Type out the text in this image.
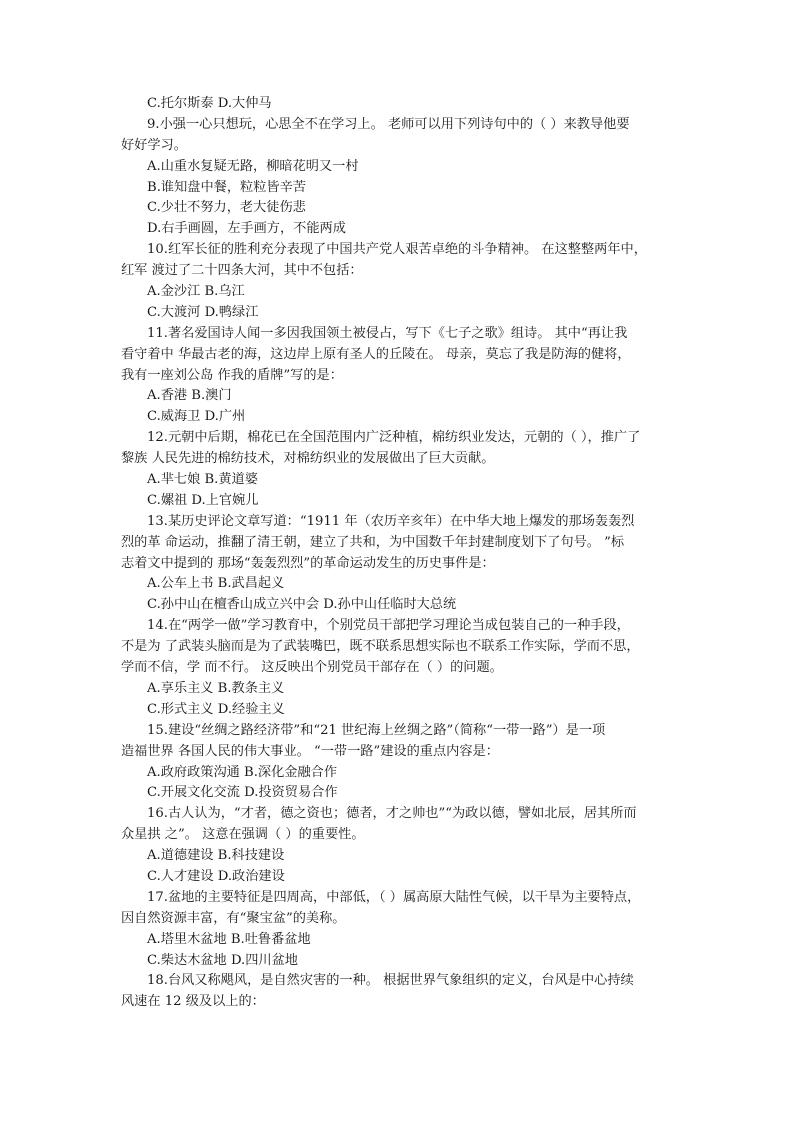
C.托尔斯泰 D.大仲马
9.小强一心只想玩，心思全不在学习上。 老师可以用下列诗句中的（ ）来教导他要
好好学习。
A.山重水复疑无路，柳暗花明又一村
B.谁知盘中餐，粒粒皆辛苦
C.少壮不努力，老大徒伤悲
D.右手画圆，左手画方，不能两成
10.红军长征的胜利充分表现了中国共产党人艰苦卓绝的斗争精神。 在这整整两年中，
红军 渡过了二十四条大河，其中不包括：
A.金沙江 B.乌江
C.大渡河 D.鸭绿江
11.著名爱国诗人闻一多因我国领土被侵占，写下《七子之歌》组诗。 其中“再让我
看守着中 华最古老的海，这边岸上原有圣人的丘陵在。 母亲，莫忘了我是防海的健将，
我有一座刘公岛 作我的盾牌”写的是：
A.香港 B.澳门
C.威海卫 D.广州
12.元朝中后期，棉花已在全国范围内广泛种植，棉纺织业发达，元朝的（ ），推广了
黎族 人民先进的棉纺技术，对棉纺织业的发展做出了巨大贡献。
A.芈七娘 B.黄道婆
C.嫘祖 D.上官婉儿
13.某历史评论文章写道：“1911 年（农历辛亥年）在中华大地上爆发的那场轰轰烈
烈的革 命运动，推翻了清王朝，建立了共和，为中国数千年封建制度划下了句号。 ”标
志着文中提到的 那场“轰轰烈烈”的革命运动发生的历史事件是：
A.公车上书 B.武昌起义
C.孙中山在檀香山成立兴中会 D.孙中山任临时大总统
14.在“两学一做”学习教育中，个别党员干部把学习理论当成包装自己的一种手段，
不是为 了武装头脑而是为了武装嘴巴，既不联系思想实际也不联系工作实际，学而不思，
学而不信，学 而不行。 这反映出个别党员干部存在（ ）的问题。
A.享乐主义 B.教条主义
C.形式主义 D.经验主义
15.建设“丝绸之路经济带”和“21 世纪海上丝绸之路”（简称“一带一路”）是一项
造福世界 各国人民的伟大事业。 “一带一路”建设的重点内容是：
A.政府政策沟通 B.深化金融合作
C.开展文化交流 D.投资贸易合作
16.古人认为，“才者，德之资也；德者，才之帅也”“为政以德，譬如北辰，居其所而
众星拱 之”。 这意在强调（ ）的重要性。
A.道德建设 B.科技建设
C.人才建设 D.政治建设
17.盆地的主要特征是四周高，中部低，（ ）属高原大陆性气候，以干旱为主要特点，
因自然资源丰富，有“聚宝盆”的美称。
A.塔里木盆地 B.吐鲁番盆地
C.柴达木盆地 D.四川盆地
18.台风又称飓风，是自然灾害的一种。 根据世界气象组织的定义，台风是中心持续
风速在 12 级及以上的：
